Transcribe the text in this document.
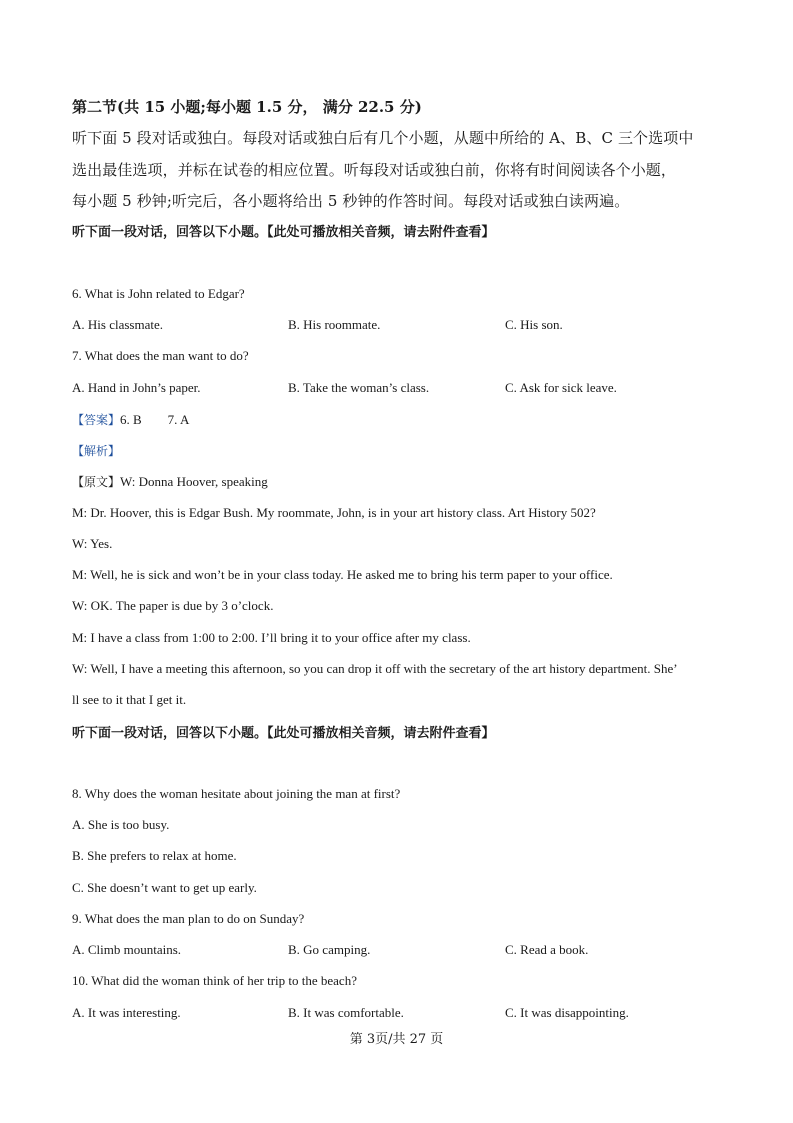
第二节(共 15 小题;每小题 1.5 分， 满分 22.5 分)
听下面 5 段对话或独白。每段对话或独白后有几个小题，从题中所给的 A、B、C 三个选项中
选出最佳选项，并标在试卷的相应位置。听每段对话或独白前，你将有时间阅读各个小题，
每小题 5 秒钟;听完后，各小题将给出 5 秒钟的作答时间。每段对话或独白读两遍。
听下面一段对话，回答以下小题。【此处可播放相关音频，请去附件查看】
6. What is John related to Edgar?
A. His classmate.	B. His roommate.	C. His son.
7. What does the man want to do?
A. Hand in John’s paper.	B. Take the woman’s class.	C. Ask for sick leave.
【答案】6. B        7. A
【解析】
【原文】W: Donna Hoover, speaking
M: Dr. Hoover, this is Edgar Bush. My roommate, John, is in your art history class. Art History 502?
W: Yes.
M: Well, he is sick and won’t be in your class today. He asked me to bring his term paper to your office.
W: OK. The paper is due by 3 o’clock.
M: I have a class from 1:00 to 2:00. I’ll bring it to your office after my class.
W: Well, I have a meeting this afternoon, so you can drop it off with the secretary of the art history department. She’
ll see to it that I get it.
听下面一段对话，回答以下小题。【此处可播放相关音频，请去附件查看】
8. Why does the woman hesitate about joining the man at first?
A. She is too busy.
B. She prefers to relax at home.
C. She doesn’t want to get up early.
9. What does the man plan to do on Sunday?
A. Climb mountains.	B. Go camping.	C. Read a book.
10. What did the woman think of her trip to the beach?
A. It was interesting.	B. It was comfortable.	C. It was disappointing.
第 3页/共 27 页
